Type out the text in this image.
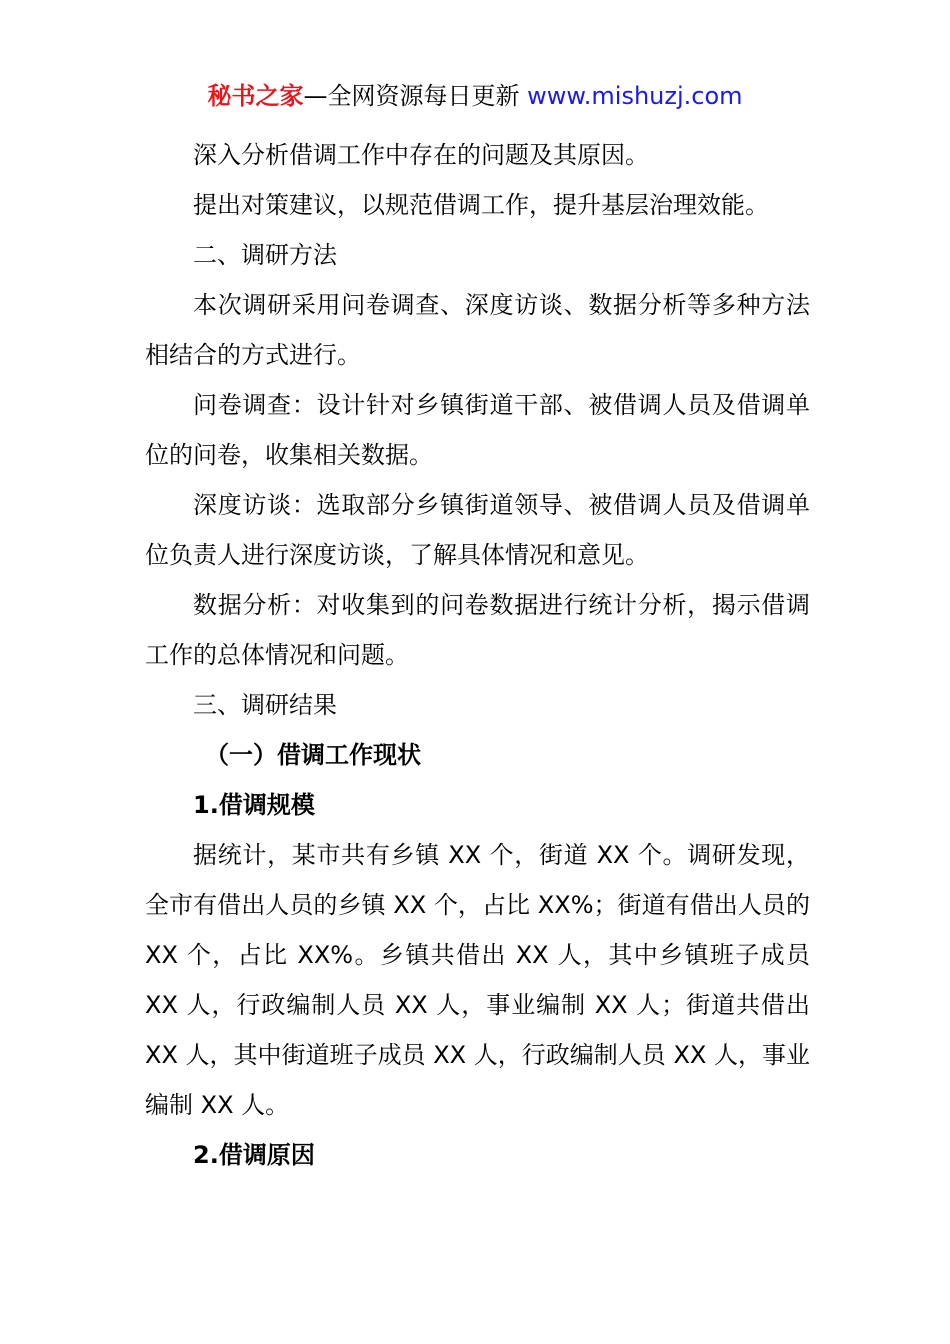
秘书之家—全网资源每日更新 www.mishuzj.com

深入分析借调工作中存在的问题及其原因。

提出对策建议，以规范借调工作，提升基层治理效能。

二、调研方法

本次调研采用问卷调查、深度访谈、数据分析等多种方法相结合的方式进行。

问卷调查：设计针对乡镇街道干部、被借调人员及借调单位的问卷，收集相关数据。

深度访谈：选取部分乡镇街道领导、被借调人员及借调单位负责人进行深度访谈，了解具体情况和意见。

数据分析：对收集到的问卷数据进行统计分析，揭示借调工作的总体情况和问题。

三、调研结果

（一）借调工作现状

1.借调规模

据统计，某市共有乡镇 XX 个，街道 XX 个。调研发现，全市有借出人员的乡镇 XX 个，占比 XX%；街道有借出人员的 XX 个，占比 XX%。乡镇共借出 XX 人，其中乡镇班子成员 XX 人，行政编制人员 XX 人，事业编制 XX 人；街道共借出 XX 人，其中街道班子成员 XX 人，行政编制人员 XX 人，事业编制 XX 人。

2.借调原因
